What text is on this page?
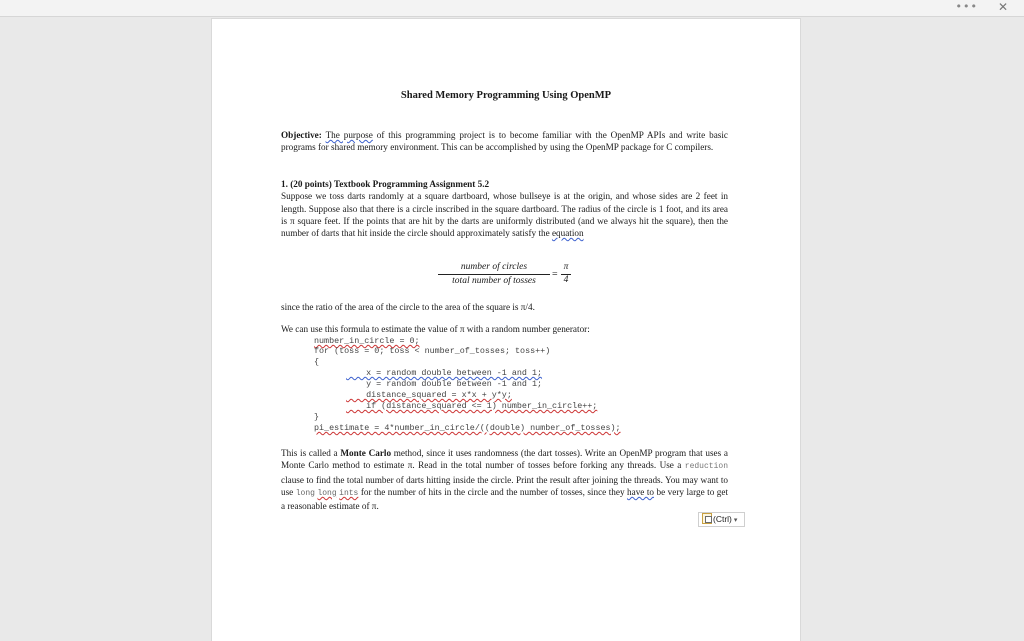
••• ✕
Shared Memory Programming Using OpenMP
Objective: The purpose of this programming project is to become familiar with the OpenMP APIs and write basic programs for shared memory environment. This can be accomplished by using the OpenMP package for C compilers.
1. (20 points) Textbook Programming Assignment 5.2
Suppose we toss darts randomly at a square dartboard, whose bullseye is at the origin, and whose sides are 2 feet in length. Suppose also that there is a circle inscribed in the square dartboard. The radius of the circle is 1 foot, and its area is π square feet. If the points that are hit by the darts are uniformly distributed (and we always hit the square), then the number of darts that hit inside the circle should approximately satisfy the equation
number of circles
total number of tosses
=
π
4
since the ratio of the area of the circle to the area of the square is π/4.
We can use this formula to estimate the value of π with a random number generator:
number_in_circle = 0;
for (toss = 0; toss < number_of_tosses; toss++)
{
x = random double between -1 and 1;
y = random double between -1 and 1;
distance_squared = x*x + y*y;
if (distance_squared <= 1) number_in_circle++;
}
pi_estimate = 4*number_in_circle/((double) number_of_tosses);
This is called a Monte Carlo method, since it uses randomness (the dart tosses). Write an OpenMP program that uses a Monte Carlo method to estimate π. Read in the total number of tosses before forking any threads. Use a reduction clause to find the total number of darts hitting inside the circle. Print the result after joining the threads. You may want to use long long ints for the number of hits in the circle and the number of tosses, since they have to be very large to get a reasonable estimate of π.
(Ctrl) ▾
